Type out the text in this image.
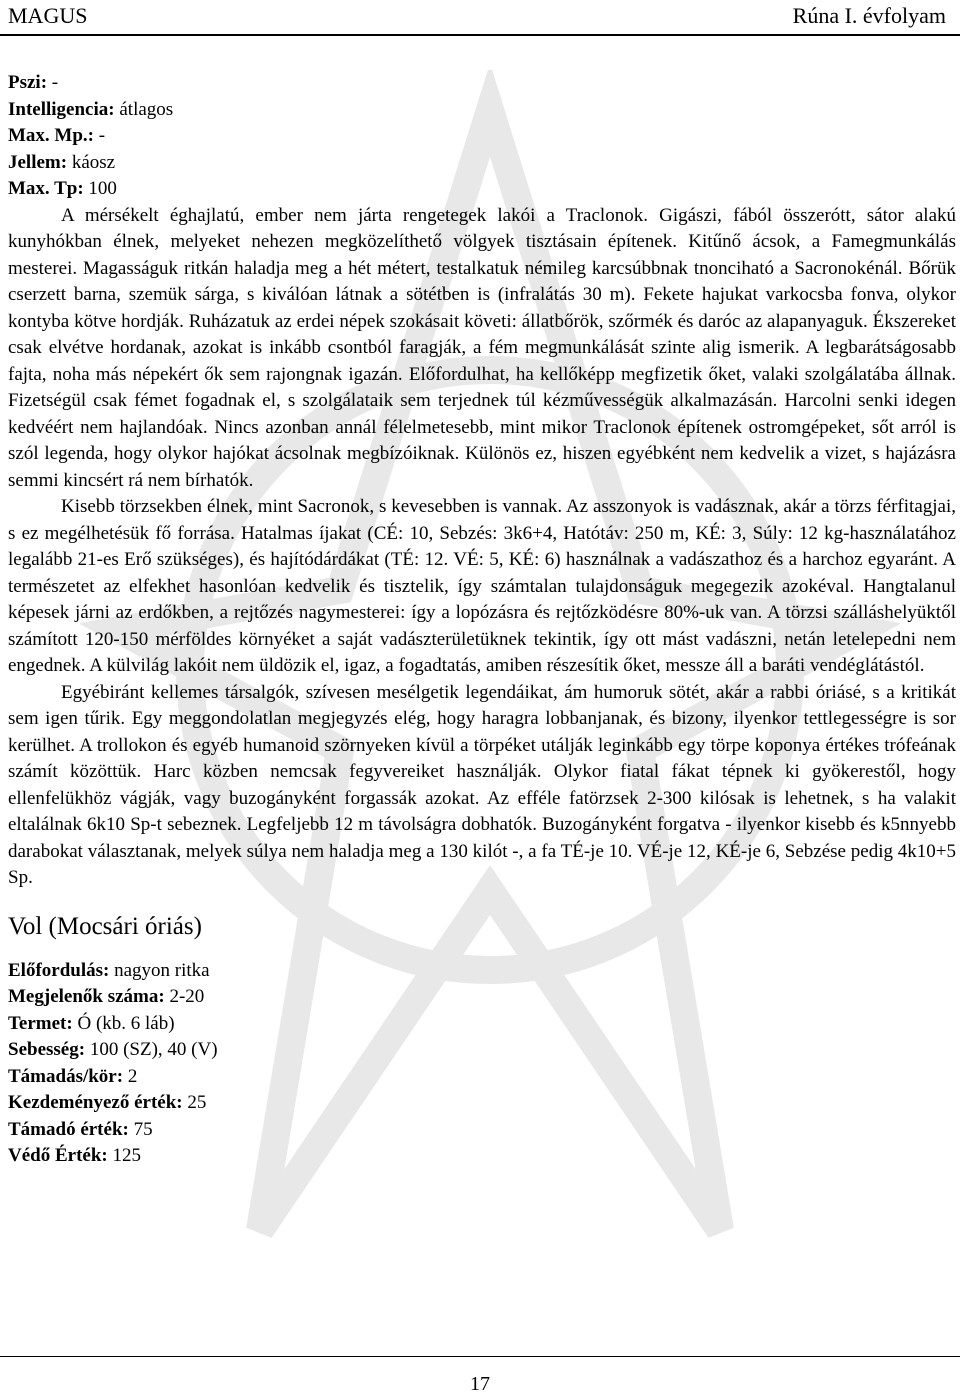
MAGUS	Rúna I. évfolyam
Pszi: -
Intelligencia: átlagos
Max. Mp.: -
Jellem: káosz
Max. Tp: 100

A mérsékelt éghajlatú, ember nem járta rengetegek lakói a Traclonok. Gigászi, fából összerótt, sátor alakú kunyhókban élnek, melyeket nehezen megközelíthető völgyek tisztásain építenek. Kitűnő ácsok, a Famegmunkálás mesterei. Magasságuk ritkán haladja meg a hét métert, testalkatuk némileg karcsúbbnak tnonciható a Sacronokénál. Bőrük cserzett barna, szemük sárga, s kiválóan látnak a sötétben is (infralátás 30 m). Fekete hajukat varkocsba fonva, olykor kontyba kötve hordják. Ruházatuk az erdei népek szokásait követi: állatbőrök, szőrmék és daróc az alapanyaguk. Ékszereket csak elvétve hordanak, azokat is inkább csontból faragják, a fém megmunkálását szinte alig ismerik. A legbarátságosabb fajta, noha más népekért ők sem rajongnak igazán. Előfordulhat, ha kellőképp megfizetik őket, valaki szolgálatába állnak. Fizetségül csak fémet fogadnak el, s szolgálataik sem terjednek túl kézművességük alkalmazásán. Harcolni senki idegen kedvéért nem hajlandóak. Nincs azonban annál félelmetesebb, mint mikor Traclonok építenek ostromgépeket, sőt arról is szól legenda, hogy olykor hajókat ácsolnak megbízóiknak. Különös ez, hiszen egyébként nem kedvelik a vizet, s hajázásra semmi kincsért rá nem bírhatók.

Kisebb törzsekben élnek, mint Sacronok, s kevesebben is vannak. Az asszonyok is vadásznak, akár a törzs férfitagjai, s ez megélhetésük fő forrása. Hatalmas íjakat (CÉ: 10, Sebzés: 3k6+4, Hatótáv: 250 m, KÉ: 3, Súly: 12 kg-használatához legalább 21-es Erő szükséges), és hajítódárdákat (TÉ: 12. VÉ: 5, KÉ: 6) használnak a vadászathoz és a harchoz egyaránt. A természetet az elfekhet hasonlóan kedvelik és tisztelik, így számtalan tulajdonságuk megegezik azokéval. Hangtalanul képesek járni az erdőkben, a rejtőzés nagymesterei: így a lopózásra és rejtőzködésre 80%-uk van. A törzsi szálláshelyüktől számított 120-150 mérföldes környéket a saját vadászterületüknek tekintik, így ott mást vadászni, netán letelepedni nem engednek. A külvilág lakóit nem üldözik el, igaz, a fogadtatás, amiben részesítik őket, messze áll a baráti vendéglátástól.

Egyébiránt kellemes társalgók, szívesen mesélgetik legendáikat, ám humoruk sötét, akár a rabbi óriásé, s a kritikát sem igen tűrik. Egy meggondolatlan megjegyzés elég, hogy haragra lobbanjanak, és bizony, ilyenkor tettlegességre is sor kerülhet. A trollokon és egyéb humanoid szörnyeken kívül a törpéket utálják leginkább egy törpe koponya értékes trófeának számít közöttük. Harc közben nemcsak fegyvereiket használják. Olykor fiatal fákat tépnek ki gyökerestől, hogy ellenfelükhöz vágják, vagy buzogányként forgassák azokat. Az efféle fatörzsek 2-300 kilósak is lehetnek, s ha valakit eltalálnak 6k10 Sp-t sebeznek. Legfeljebb 12 m távolságra dobhatók. Buzogányként forgatva - ilyenkor kisebb és k5nnyebb darabokat választanak, melyek súlya nem haladja meg a 130 kilót -, a fa TÉ-je 10. VÉ-je 12, KÉ-je 6, Sebzése pedig 4k10+5 Sp.

Vol (Mocsári óriás)
Előfordulás: nagyon ritka
Megjelenők száma: 2-20
Termet: Ó (kb. 6 láb)
Sebesség: 100 (SZ), 40 (V)
Támadás/kör: 2
Kezdeményező érték: 25
Támadó érték: 75
Védő Érték: 125
17
